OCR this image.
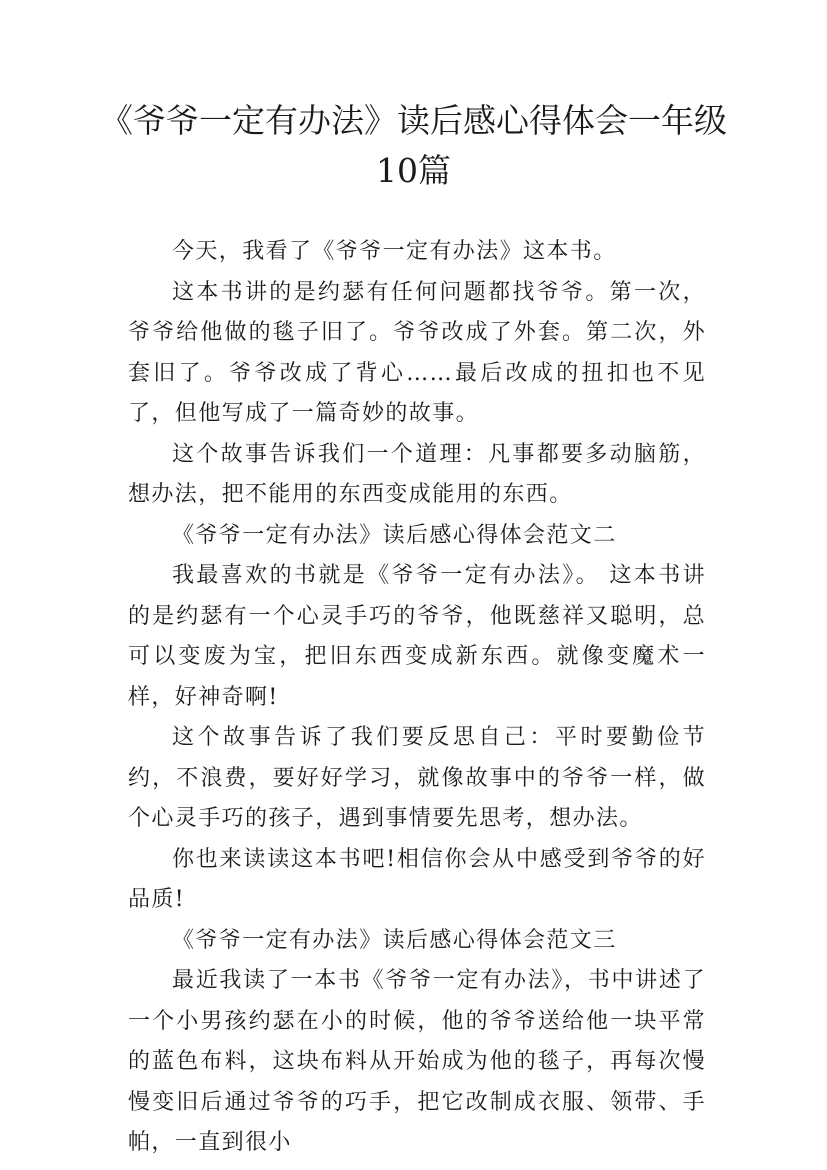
《爷爷一定有办法》读后感心得体会一年级
10篇

今天，我看了《爷爷一定有办法》这本书。

这本书讲的是约瑟有任何问题都找爷爷。第一次，爷爷给他做的毯子旧了。爷爷改成了外套。第二次，外套旧了。爷爷改成了背心……最后改成的扭扣也不见了，但他写成了一篇奇妙的故事。

这个故事告诉我们一个道理：凡事都要多动脑筋，想办法，把不能用的东西变成能用的东西。

《爷爷一定有办法》读后感心得体会范文二

我最喜欢的书就是《爷爷一定有办法》。 这本书讲的是约瑟有一个心灵手巧的爷爷，他既慈祥又聪明，总可以变废为宝，把旧东西变成新东西。就像变魔术一样，好神奇啊!

这个故事告诉了我们要反思自己：平时要勤俭节约，不浪费，要好好学习，就像故事中的爷爷一样，做个心灵手巧的孩子，遇到事情要先思考，想办法。

你也来读读这本书吧!相信你会从中感受到爷爷的好品质!

《爷爷一定有办法》读后感心得体会范文三

最近我读了一本书《爷爷一定有办法》，书中讲述了一个小男孩约瑟在小的时候，他的爷爷送给他一块平常的蓝色布料，这块布料从开始成为他的毯子，再每次慢慢变旧后通过爷爷的巧手，把它改制成衣服、领带、手帕，一直到很小
